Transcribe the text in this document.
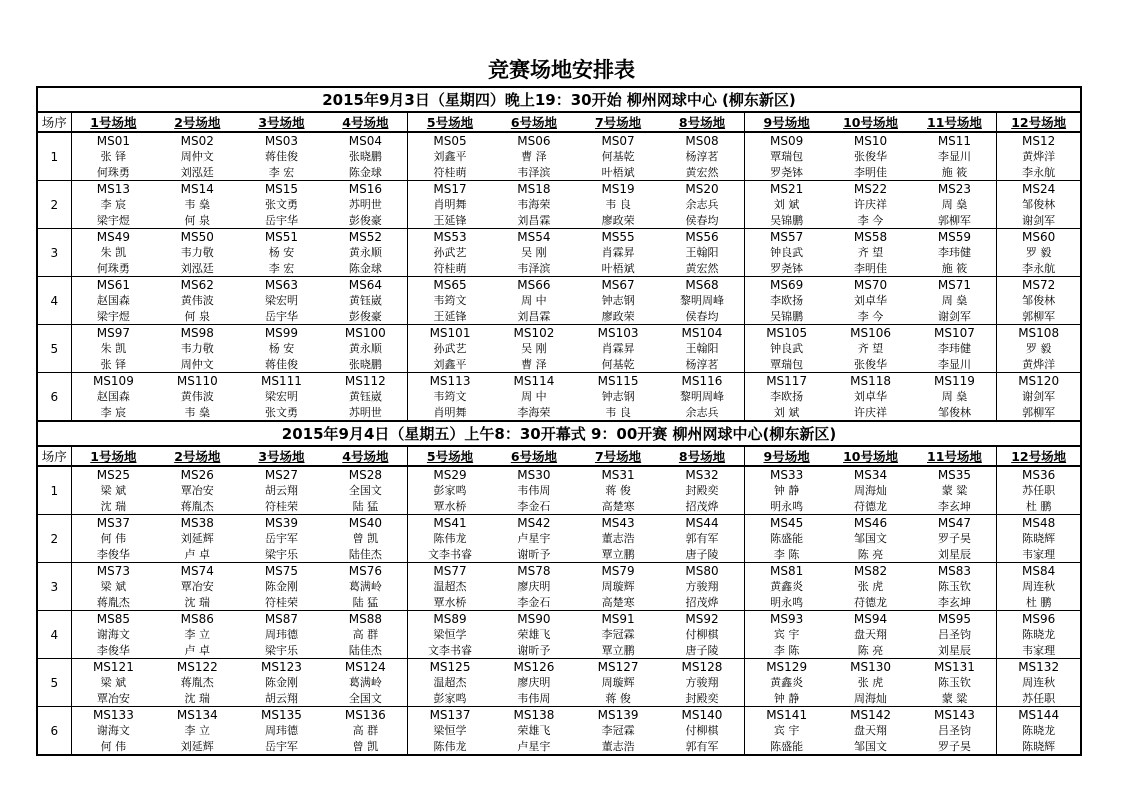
竞赛场地安排表
2015年9月3日（星期四）晚上19：30开始 柳州网球中心 (柳东新区)												
场序	1号场地	2号场地	3号场地	4号场地	5号场地	6号场地	7号场地	8号场地	9号场地	10号场地	11号场地	12号场地
1	MS01	MS02	MS03	MS04	MS05	MS06	MS07	MS08	MS09	MS10	MS11	MS12
	张 铎	周仲文	蒋佳俊	张晓鹏	刘鑫平	曹 泽	何基乾	杨淳茗	覃瑞包	张俊华	李显川	黄烨洋
	何珠勇	刘泓廷	李 宏	陈金球	符桂萌	韦泽滨	叶梧斌	黄宏然	罗尧钵	李明佳	施 筱	李永航
2	MS13	MS14	MS15	MS16	MS17	MS18	MS19	MS20	MS21	MS22	MS23	MS24
	李 宸	韦 燊	张文勇	苏明世	肖明舞	韦海荣	韦 良	余志兵	刘 斌	许庆祥	周 燊	邹俊林
	梁宇煜	何 泉	岳宇华	彭俊豪	王延锋	刘昌霖	廖政荣	侯春均	吴锦鹏	李 今	郭柳军	谢剑军
3	MS49	MS50	MS51	MS52	MS53	MS54	MS55	MS56	MS57	MS58	MS59	MS60
	朱 凯	韦力敬	杨 安	黄永顺	孙武艺	吴 刚	肖霖昇	王翰阳	钟良武	齐 望	李玮健	罗 毅
	何珠勇	刘泓廷	李 宏	陈金球	符桂萌	韦泽滨	叶梧斌	黄宏然	罗尧钵	李明佳	施 筱	李永航
4	MS61	MS62	MS63	MS64	MS65	MS66	MS67	MS68	MS69	MS70	MS71	MS72
	赵国森	黄伟波	梁宏明	黄钰崴	韦筠文	周 中	钟志钢	黎明周峰	李欧扬	刘卓华	周 燊	邹俊林
	梁宇煜	何 泉	岳宇华	彭俊豪	王延锋	刘昌霖	廖政荣	侯春均	吴锦鹏	李 今	谢剑军	郭柳军
5	MS97	MS98	MS99	MS100	MS101	MS102	MS103	MS104	MS105	MS106	MS107	MS108
	朱 凯	韦力敬	杨 安	黄永顺	孙武艺	吴 刚	肖霖昇	王翰阳	钟良武	齐 望	李玮健	罗 毅
	张 铎	周仲文	蒋佳俊	张晓鹏	刘鑫平	曹 泽	何基乾	杨淳茗	覃瑞包	张俊华	李显川	黄烨洋
6	MS109	MS110	MS111	MS112	MS113	MS114	MS115	MS116	MS117	MS118	MS119	MS120
	赵国森	黄伟波	梁宏明	黄钰崴	韦筠文	周 中	钟志钢	黎明周峰	李欧扬	刘卓华	周 燊	谢剑军
	李 宸	韦 燊	张文勇	苏明世	肖明舞	李海荣	韦 良	余志兵	刘 斌	许庆祥	邹俊林	郭柳军
2015年9月4日（星期五）上午8：30开幕式 9：00开赛 柳州网球中心(柳东新区)												
场序	1号场地	2号场地	3号场地	4号场地	5号场地	6号场地	7号场地	8号场地	9号场地	10号场地	11号场地	12号场地
1	MS25	MS26	MS27	MS28	MS29	MS30	MS31	MS32	MS33	MS34	MS35	MS36
	梁 斌	覃冶安	胡云翔	全国文	彭家鸣	韦伟周	蒋 俊	封殿奕	钟 静	周海灿	蒙 粱	苏任职
	沈 瑞	蒋胤杰	符桂荣	陆 猛	覃水桥	李金石	高楚寒	招茂烨	明永鸣	苻德龙	李玄坤	杜 鹏
2	MS37	MS38	MS39	MS40	MS41	MS42	MS43	MS44	MS45	MS46	MS47	MS48
	何 伟	刘延辉	岳宇军	曾 凯	陈伟龙	卢星宇	董志浩	郭有军	陈盛能	邹国文	罗子昊	陈晓辉
	李俊华	卢 卓	梁宇乐	陆佳杰	文李书睿	谢昕予	覃立鹏	唐子陵	李 陈	陈 亮	刘星辰	韦家理
3	MS73	MS74	MS75	MS76	MS77	MS78	MS79	MS80	MS81	MS82	MS83	MS84
	梁 斌	覃冶安	陈金刚	葛满岭	温超杰	廖庆明	周璇辉	方骏翔	黄鑫炎	张 虎	陈玉钦	周连秋
	蒋胤杰	沈 瑞	符桂荣	陆 猛	覃水桥	李金石	高楚寒	招茂烨	明永鸣	苻德龙	李玄坤	杜 鹏
4	MS85	MS86	MS87	MS88	MS89	MS90	MS91	MS92	MS93	MS94	MS95	MS96
	谢海文	李 立	周玮德	高 群	梁恒学	荣雄飞	李冠霖	付柳棋	宾 宇	盘天翔	吕圣钧	陈晓龙
	李俊华	卢 卓	梁宇乐	陆佳杰	文李书睿	谢昕予	覃立鹏	唐子陵	李 陈	陈 亮	刘星辰	韦家理
5	MS121	MS122	MS123	MS124	MS125	MS126	MS127	MS128	MS129	MS130	MS131	MS132
	梁 斌	蒋胤杰	陈金刚	葛满岭	温超杰	廖庆明	周璇辉	方骏翔	黄鑫炎	张 虎	陈玉钦	周连秋
	覃冶安	沈 瑞	胡云翔	全国文	彭家鸣	韦伟周	蒋 俊	封殿奕	钟 静	周海灿	蒙 粱	苏任职
6	MS133	MS134	MS135	MS136	MS137	MS138	MS139	MS140	MS141	MS142	MS143	MS144
	谢海文	李 立	周玮德	高 群	梁恒学	荣雄飞	李冠霖	付柳棋	宾 宇	盘天翔	吕圣钧	陈晓龙
	何 伟	刘延辉	岳宇军	曾 凯	陈伟龙	卢星宇	董志浩	郭有军	陈盛能	邹国文	罗子昊	陈晓辉
